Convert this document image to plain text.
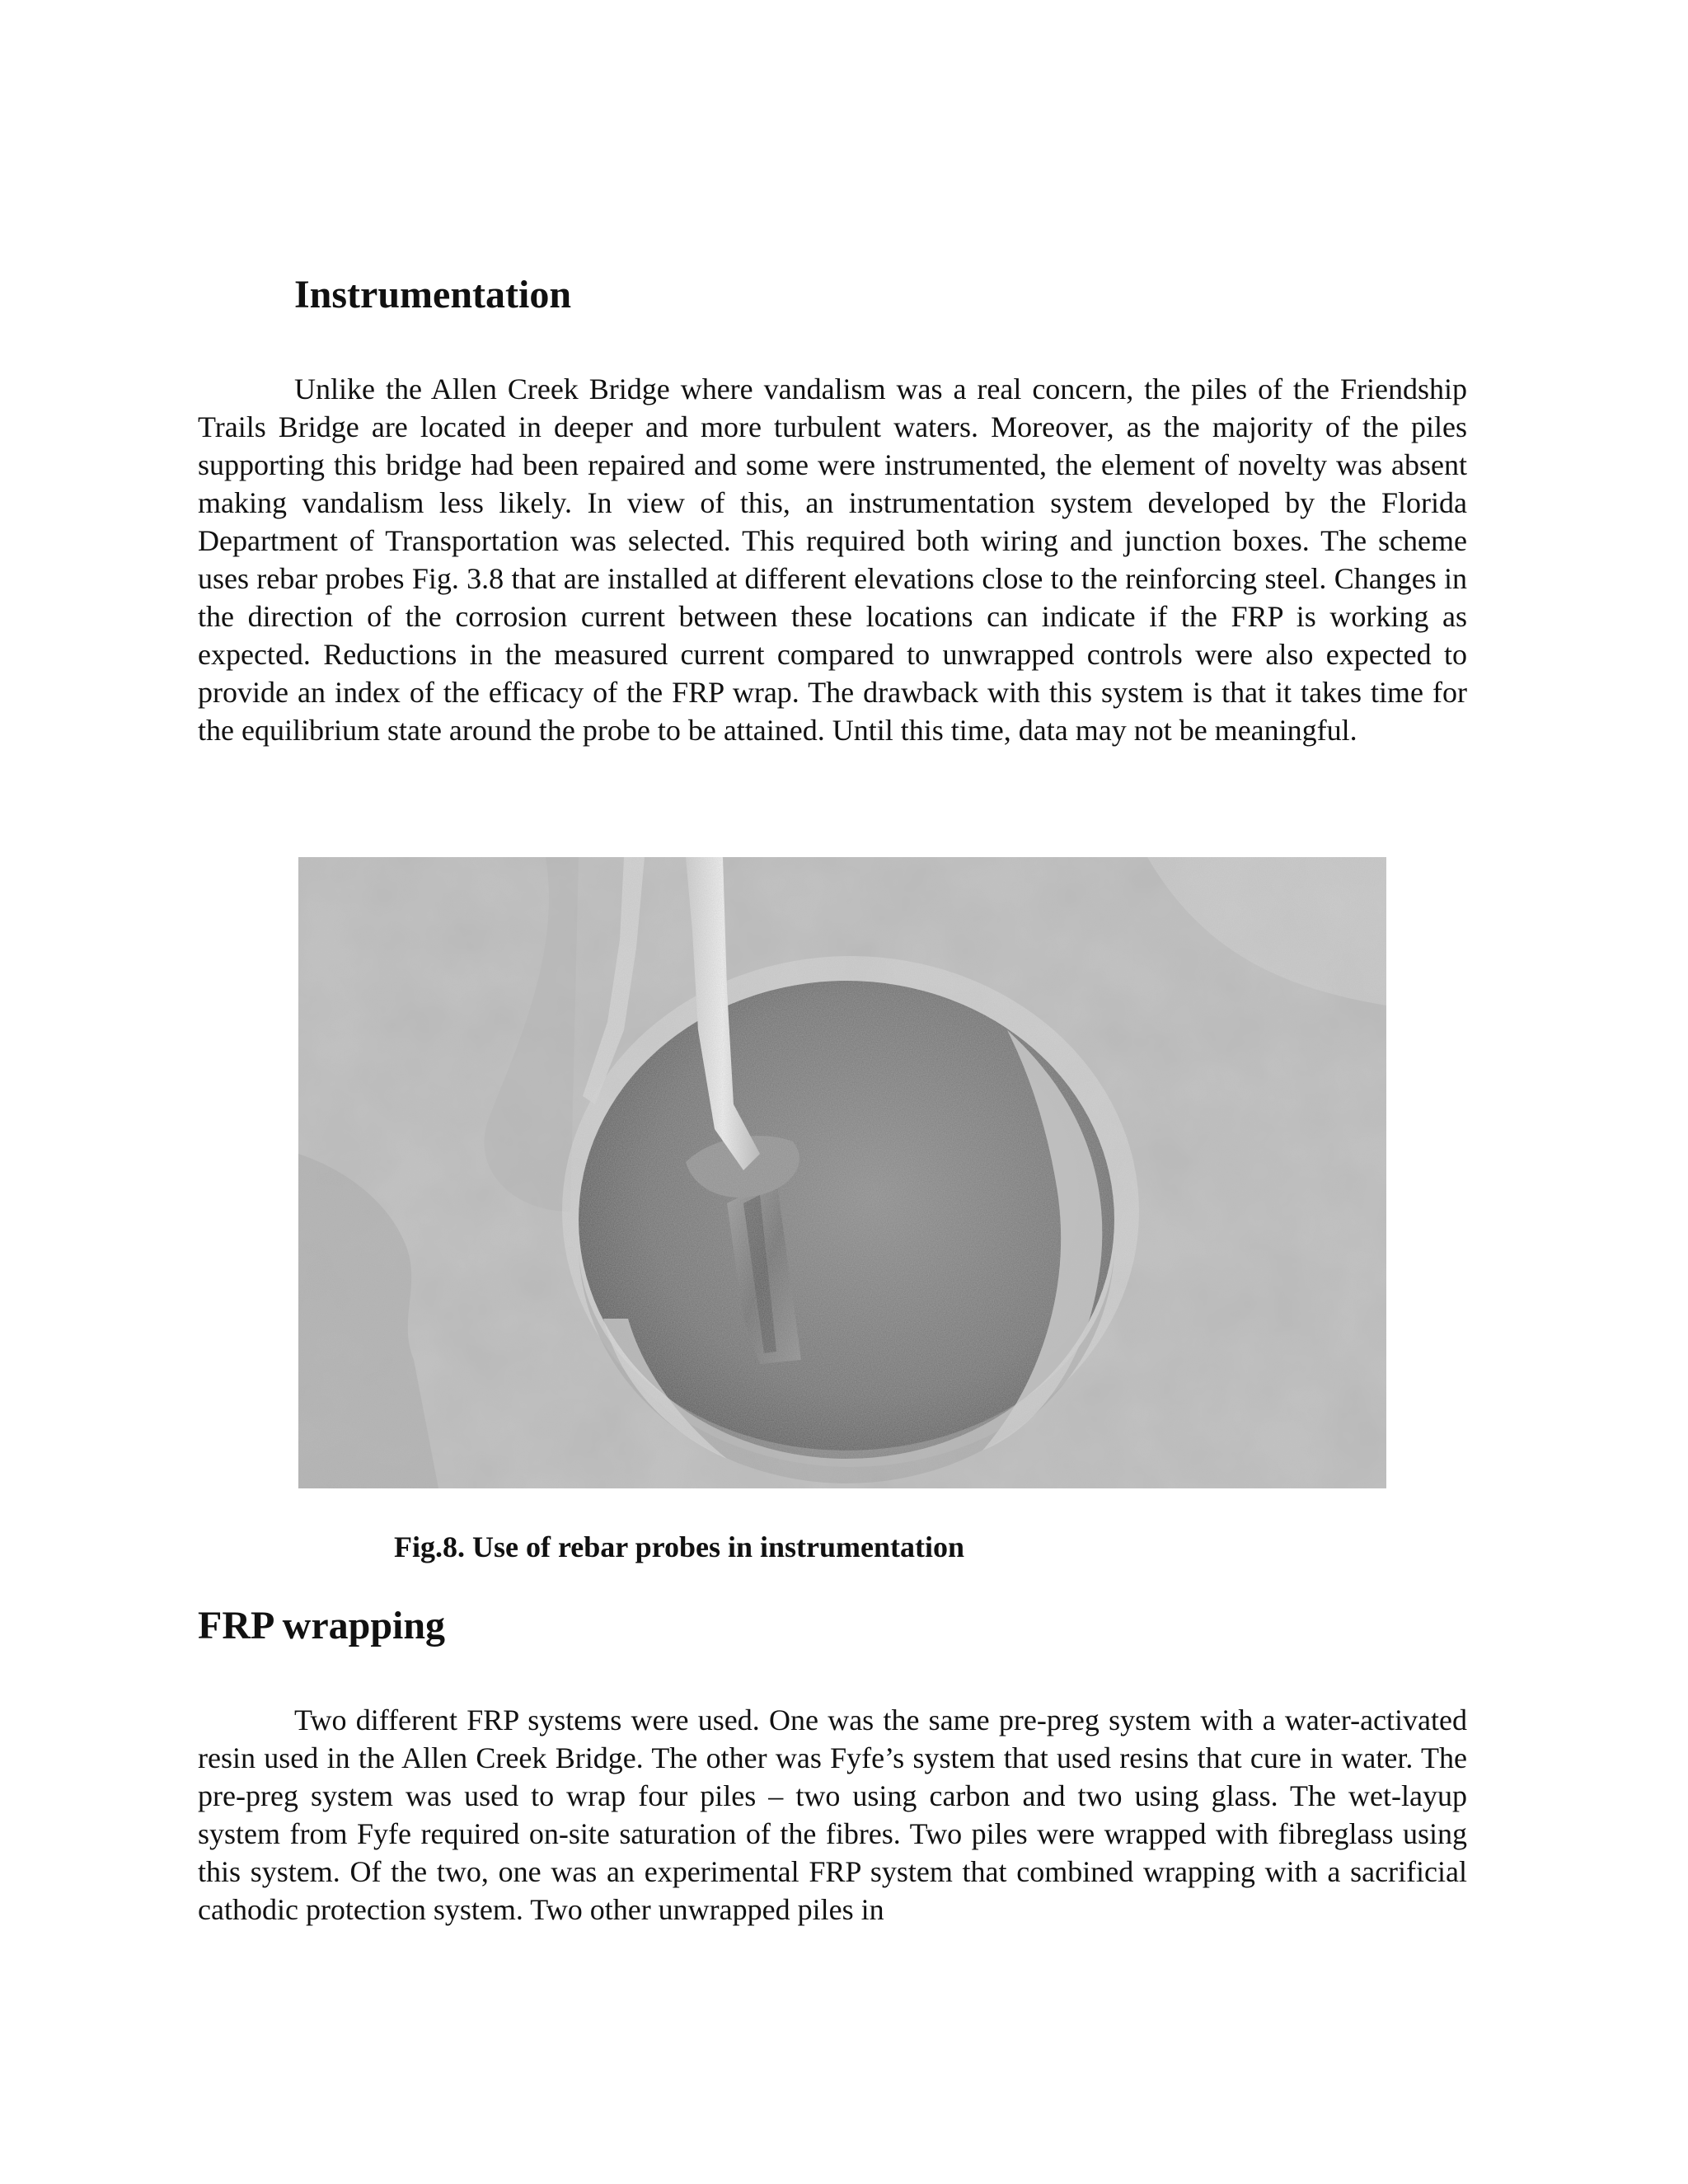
Instrumentation

Unlike the Allen Creek Bridge where vandalism was a real concern, the piles of the Friendship Trails Bridge are located in deeper and more turbulent waters. Moreover, as the majority of the piles supporting this bridge had been repaired and some were instrumented, the element of novelty was absent making vandalism less likely. In view of this, an instrumentation system developed by the Florida Department of Transportation was selected. This required both wiring and junction boxes. The scheme uses rebar probes Fig. 3.8 that are installed at different elevations close to the reinforcing steel. Changes in the direction of the corrosion current between these locations can indicate if the FRP is working as expected. Reductions in the measured current compared to unwrapped controls were also expected to provide an index of the efficacy of the FRP wrap. The drawback with this system is that it takes time for the equilibrium state around the probe to be attained. Until this time, data may not be meaningful.

Fig.8. Use of rebar probes in instrumentation

FRP wrapping

Two different FRP systems were used. One was the same pre-preg system with a water-activated resin used in the Allen Creek Bridge. The other was Fyfe’s system that used resins that cure in water. The pre-preg system was used to wrap four piles – two using carbon and two using glass. The wet-layup system from Fyfe required on-site saturation of the fibres. Two piles were wrapped with fibreglass using this system. Of the two, one was an experimental FRP system that combined wrapping with a sacrificial cathodic protection system. Two other unwrapped piles in
